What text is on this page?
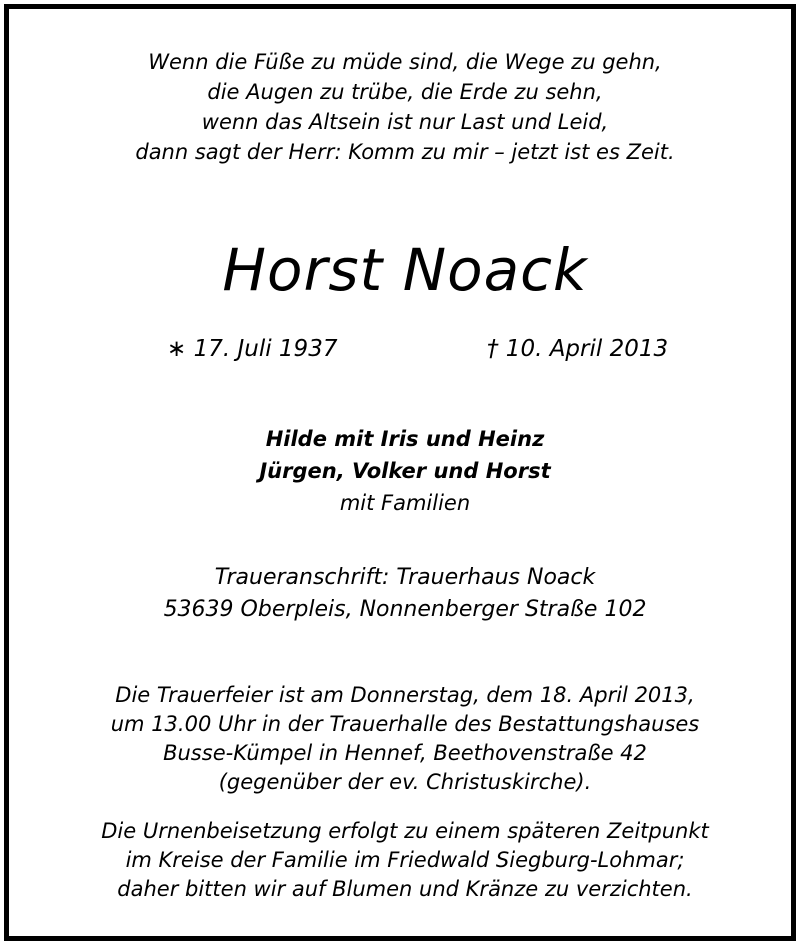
Wenn die Füße zu müde sind, die Wege zu gehn,
die Augen zu trübe, die Erde zu sehn,
wenn das Altsein ist nur Last und Leid,
dann sagt der Herr: Komm zu mir – jetzt ist es Zeit.
Horst Noack
∗ 17. Juli 1937	† 10. April 2013
Hilde mit Iris und Heinz
Jürgen, Volker und Horst
mit Familien
Traueranschrift: Trauerhaus Noack
53639 Oberpleis, Nonnenberger Straße 102
Die Trauerfeier ist am Donnerstag, dem 18. April 2013,
um 13.00 Uhr in der Trauerhalle des Bestattungshauses
Busse-Kümpel in Hennef, Beethovenstraße 42
(gegenüber der ev. Christuskirche).
Die Urnenbeisetzung erfolgt zu einem späteren Zeitpunkt
im Kreise der Familie im Friedwald Siegburg-Lohmar;
daher bitten wir auf Blumen und Kränze zu verzichten.
